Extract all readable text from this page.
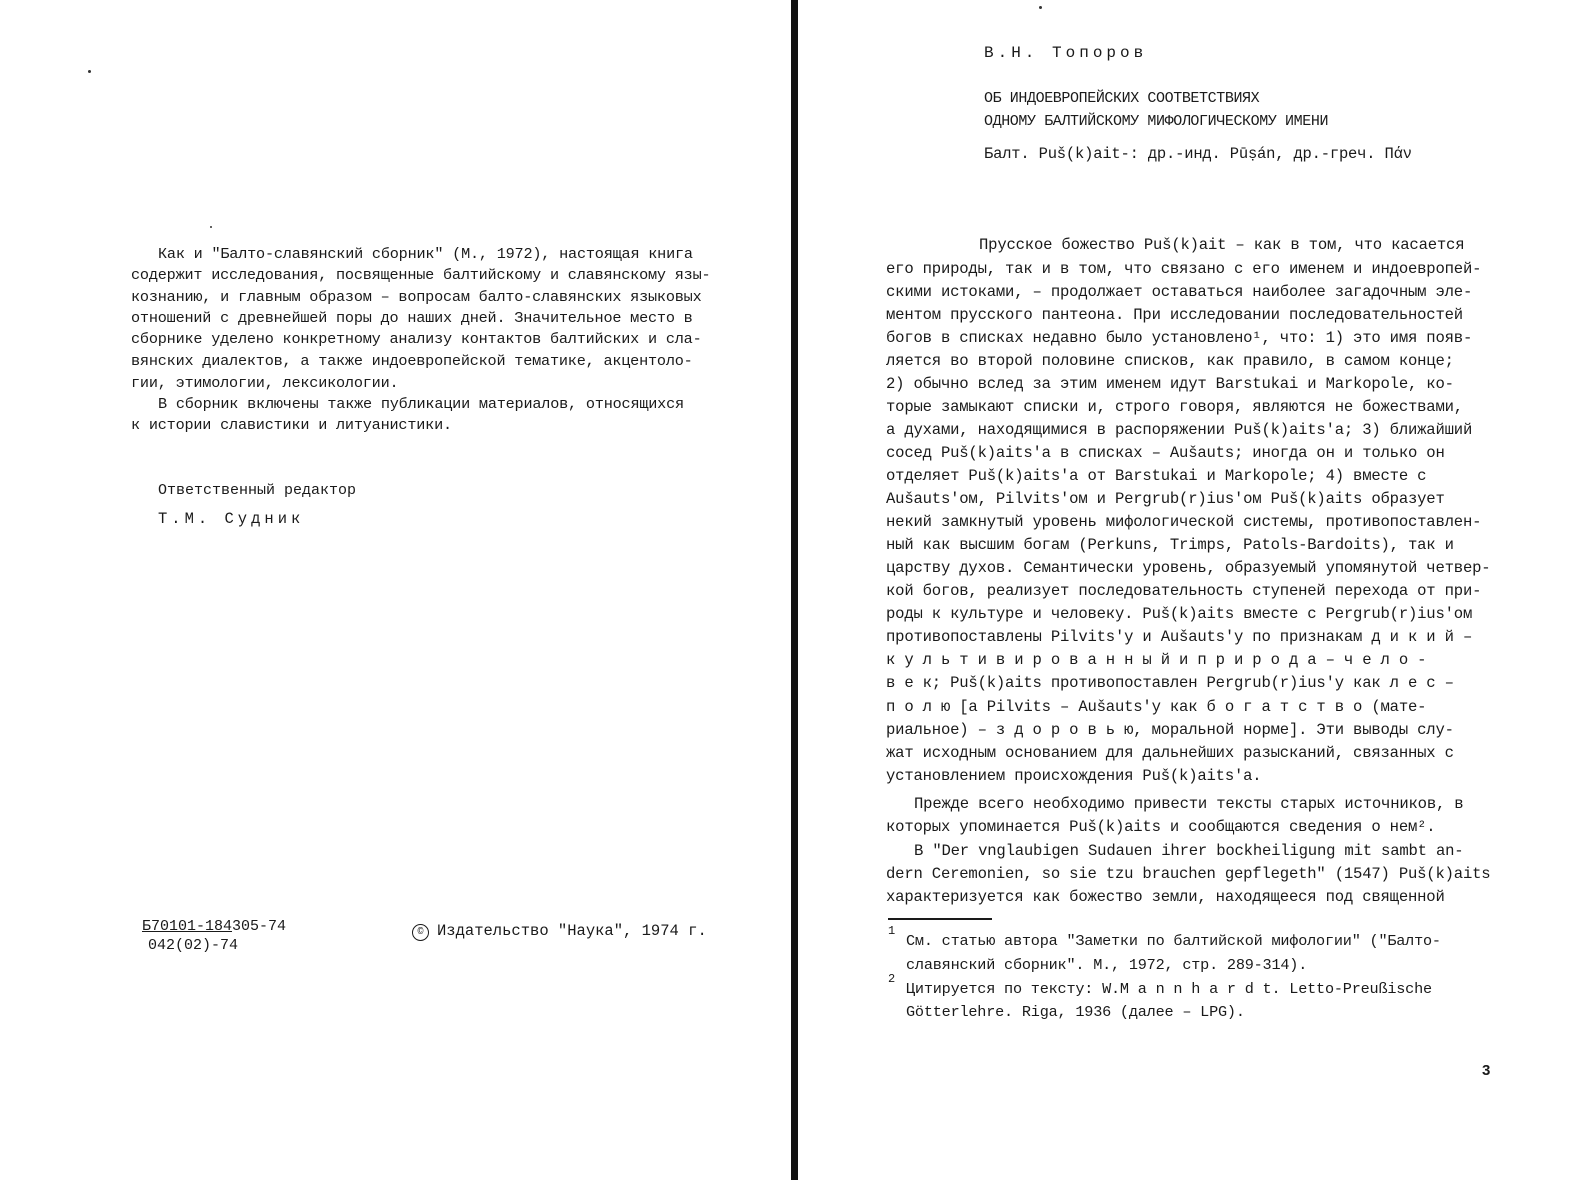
Как и "Балто-славянский сборник" (М., 1972), настоящая книга
содержит исследования, посвященные балтийскому и славянскому язы-
кознанию, и главным образом – вопросам балто-славянских языковых
отношений с древнейшей поры до наших дней. Значительное место в
сборнике уделено конкретному анализу контактов балтийских и сла-
вянских диалектов, а также индоевропейской тематике, акцентоло-
гии, этимологии, лексикологии.
В сборник включены также публикации материалов, относящихся
к истории славистики и литуанистики.
Ответственный редактор
Т.М. Судник
Б70101-184305-74
042(02)-74
© Издательство "Наука", 1974 г.
В.Н. Топоров
ОБ ИНДОЕВРОПЕЙСКИХ СООТВЕТСТВИЯХ
ОДНОМУ БАЛТИЙСКОМУ МИФОЛОГИЧЕСКОМУ ИМЕНИ
Балт. Puš(k)ait-: др.-инд. Pūṣán, др.-греч. Πάν
Прусское божество Puš(k)ait – как в том, что касается
его природы, так и в том, что связано с его именем и индоевропей-
скими истоками, – продолжает оставаться наиболее загадочным эле-
ментом прусского пантеона. При исследовании последовательностей
богов в списках недавно было установлено¹, что: 1) это имя появ-
ляется во второй половине списков, как правило, в самом конце;
2) обычно вслед за этим именем идут Barstukai и Markopole, ко-
торые замыкают списки и, строго говоря, являются не божествами,
а духами, находящимися в распоряжении Puš(k)aits'a; 3) ближайший
сосед Puš(k)aits'a в списках – Aušauts; иногда он и только он
отделяет Puš(k)aits'a от Barstukai и Markopole; 4) вместе с
Aušauts'ом, Pilvits'ом и Pergrub(r)ius'ом Puš(k)aits образует
некий замкнутый уровень мифологической системы, противопоставлен-
ный как высшим богам (Perkuns, Trimps, Patols-Bardoits), так и
царству духов. Семантически уровень, образуемый упомянутой четвер-
кой богов, реализует последовательность ступеней перехода от при-
роды к культуре и человеку. Puš(k)aits вместе с Pergrub(r)ius'ом
противопоставлены Pilvits'у и Aušauts'у по признакам д и к и й –
к у л ь т и в и р о в а н н ы й и п р и р о д а – ч е л о -
в е к; Puš(k)aits противопоставлен Pergrub(r)ius'у как л е с –
п о л ю [а Pilvits – Aušauts'у как б о г а т с т в о (мате-
риальное) – з д о р о в ь ю, моральной норме]. Эти выводы слу-
жат исходным основанием для дальнейших разысканий, связанных с
установлением происхождения Puš(k)aits'a.
Прежде всего необходимо привести тексты старых источников, в
которых упоминается Puš(k)aits и сообщаются сведения о нем².
В "Der vnglaubigen Sudauen ihrer bockheiligung mit sambt an-
dern Ceremonien, so sie tzu brauchen gepflegeth" (1547) Puš(k)aits
характеризуется как божество земли, находящееся под священной
1
См. статью автора "Заметки по балтийской мифологии" ("Балто-
славянский сборник". М., 1972, стр. 289-314).
2
Цитируется по тексту: W.M a n n h a r d t. Letto-Preußische
Götterlehre. Riga, 1936 (далее – LPG).
3
